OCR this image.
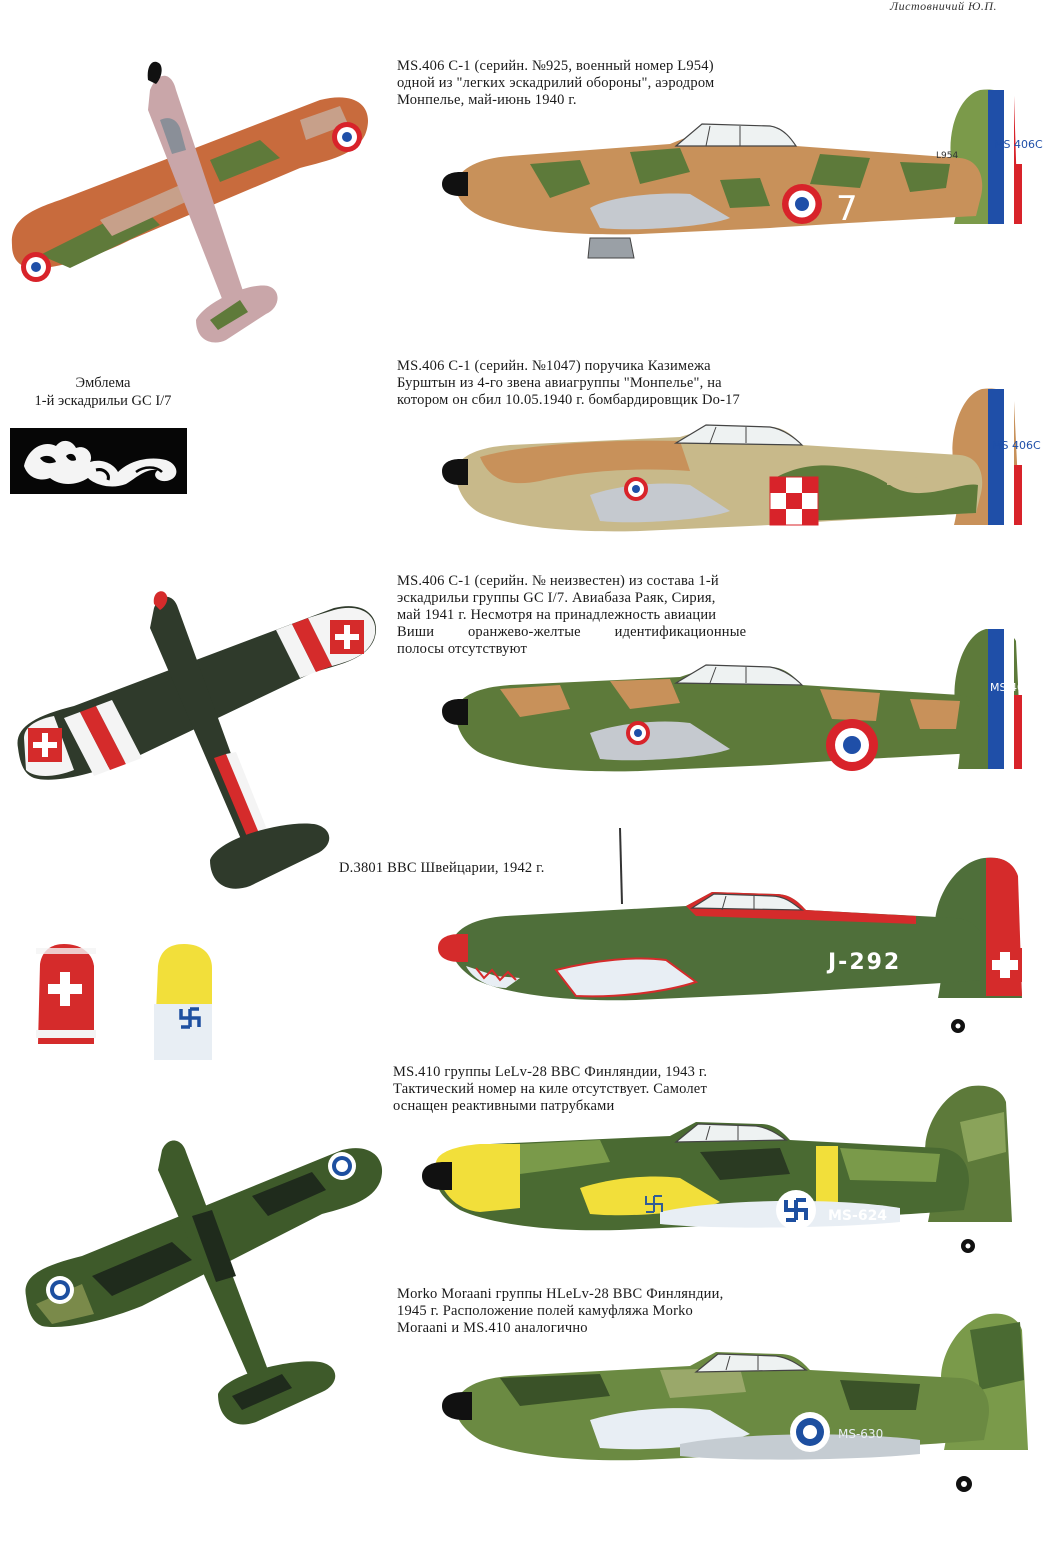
Листовничий Ю.П.
MS.406 C-1 (серийн. №925, военный номер L954)
одной из "легких эскадрилий обороны", аэродром
Монпелье, май-июнь 1940 г.
MS.406 C-1 (серийн. №1047) поручика Казимежа
Бурштын из 4-го звена авиагруппы "Монпелье", на
котором он сбил 10.05.1940 г. бомбардировщик Do-17
MS.406 C-1 (серийн. № неизвестен) из состава 1-й
эскадрильи группы GC I/7. Авиабаза Раяк, Сирия,
май 1941 г. Несмотря на принадлежность авиации
Виши оранжево-желтые идентификационные
полосы отсутствуют
D.3801 ВВС Швейцарии, 1942 г.
MS.410 группы LeLv-28 ВВС Финляндии, 1943 г.
Тактический номер на киле отсутствует. Самолет
оснащен реактивными патрубками
Morko Moraani группы HLeLv-28 ВВС Финляндии,
1945 г. Расположение полей камуфляжа Morko
Moraani и MS.410 аналогично
Эмблема
1-й эскадрильи GC I/7
7
MS 406C
L954
MS 406C
L1047
MS 406C
J-292
MS-624
MS-630
